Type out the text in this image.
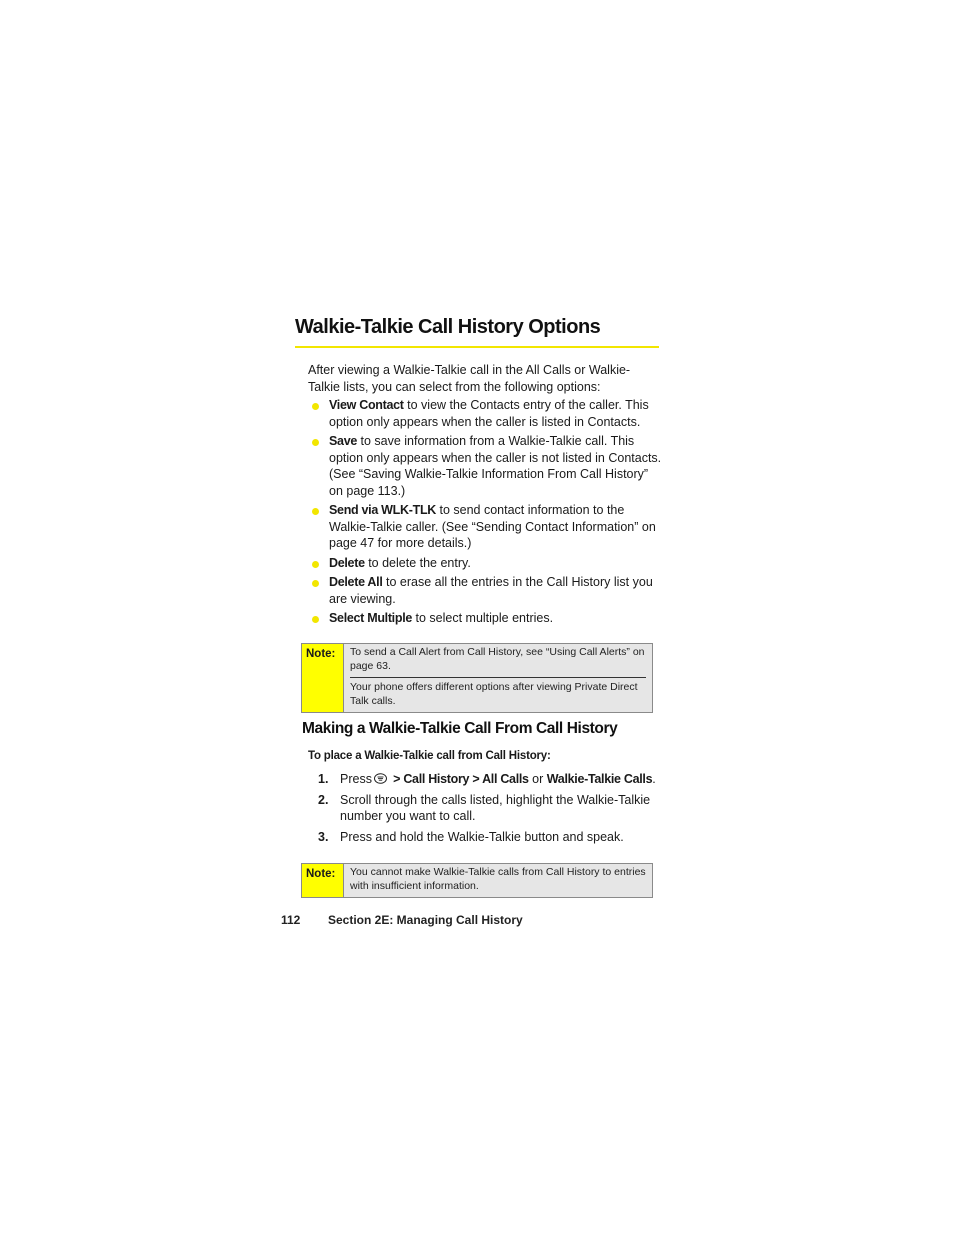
Walkie-Talkie Call History Options
After viewing a Walkie-Talkie call in the All Calls or Walkie-Talkie lists, you can select from the following options:
View Contact to view the Contacts entry of the caller. This option only appears when the caller is listed in Contacts.
Save to save information from a Walkie-Talkie call. This option only appears when the caller is not listed in Contacts. (See “Saving Walkie-Talkie Information From Call History” on page 113.)
Send via WLK-TLK to send contact information to the Walkie-Talkie caller. (See “Sending Contact Information” on page 47 for more details.)
Delete to delete the entry.
Delete All to erase all the entries in the Call History list you are viewing.
Select Multiple to select multiple entries.
Note:	To send a Call Alert from Call History, see “Using Call Alerts” on page 63.
Your phone offers different options after viewing Private Direct Talk calls.
Making a Walkie-Talkie Call From Call History
To place a Walkie-Talkie call from Call History:
1. Press > Call History > All Calls or Walkie-Talkie Calls.
2. Scroll through the calls listed, highlight the Walkie-Talkie number you want to call.
3. Press and hold the Walkie-Talkie button and speak.
Note:	You cannot make Walkie-Talkie calls from Call History to entries with insufficient information.
112 Section 2E: Managing Call History
